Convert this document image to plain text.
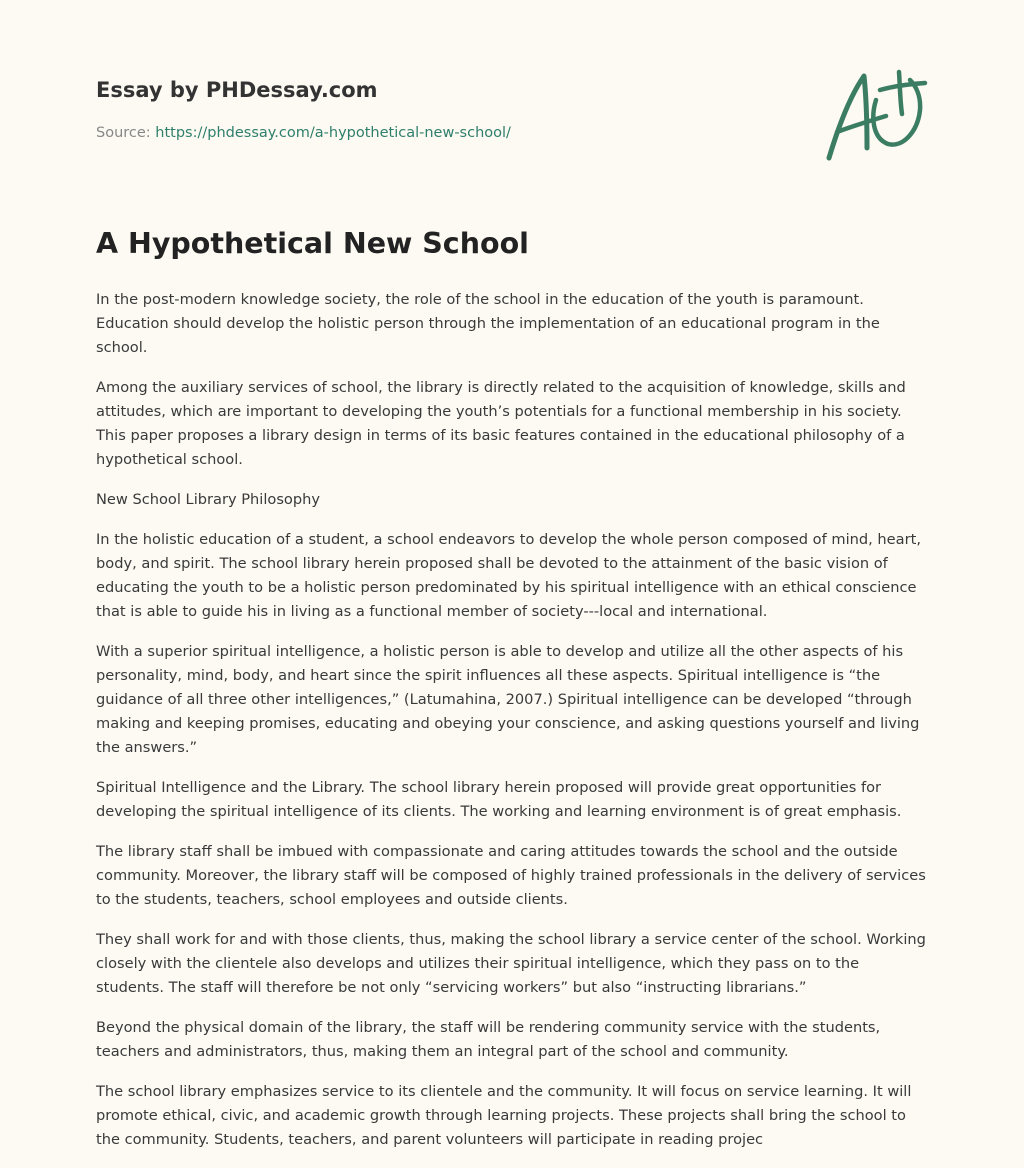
Essay by PHDessay.com
Source: https://phdessay.com/a-hypothetical-new-school/
A Hypothetical New School

In the post-modern knowledge society, the role of the school in the education of the youth is paramount. Education should develop the holistic person through the implementation of an educational program in the school.

Among the auxiliary services of school, the library is directly related to the acquisition of knowledge, skills and attitudes, which are important to developing the youth’s potentials for a functional membership in his society. This paper proposes a library design in terms of its basic features contained in the educational philosophy of a hypothetical school.

New School Library Philosophy

In the holistic education of a student, a school endeavors to develop the whole person composed of mind, heart, body, and spirit. The school library herein proposed shall be devoted to the attainment of the basic vision of educating the youth to be a holistic person predominated by his spiritual intelligence with an ethical conscience that is able to guide his in living as a functional member of society---local and international.

With a superior spiritual intelligence, a holistic person is able to develop and utilize all the other aspects of his personality, mind, body, and heart since the spirit influences all these aspects. Spiritual intelligence is “the guidance of all three other intelligences,” (Latumahina, 2007.) Spiritual intelligence can be developed “through making and keeping promises, educating and obeying your conscience, and asking questions yourself and living the answers.”

Spiritual Intelligence and the Library. The school library herein proposed will provide great opportunities for developing the spiritual intelligence of its clients. The working and learning environment is of great emphasis.

The library staff shall be imbued with compassionate and caring attitudes towards the school and the outside community. Moreover, the library staff will be composed of highly trained professionals in the delivery of services to the students, teachers, school employees and outside clients.

They shall work for and with those clients, thus, making the school library a service center of the school. Working closely with the clientele also develops and utilizes their spiritual intelligence, which they pass on to the students. The staff will therefore be not only “servicing workers” but also “instructing librarians.”

Beyond the physical domain of the library, the staff will be rendering community service with the students, teachers and administrators, thus, making them an integral part of the school and community.

The school library emphasizes service to its clientele and the community. It will focus on service learning. It will promote ethical, civic, and academic growth through learning projects. These projects shall bring the school to the community. Students, teachers, and parent volunteers will participate in reading projec
